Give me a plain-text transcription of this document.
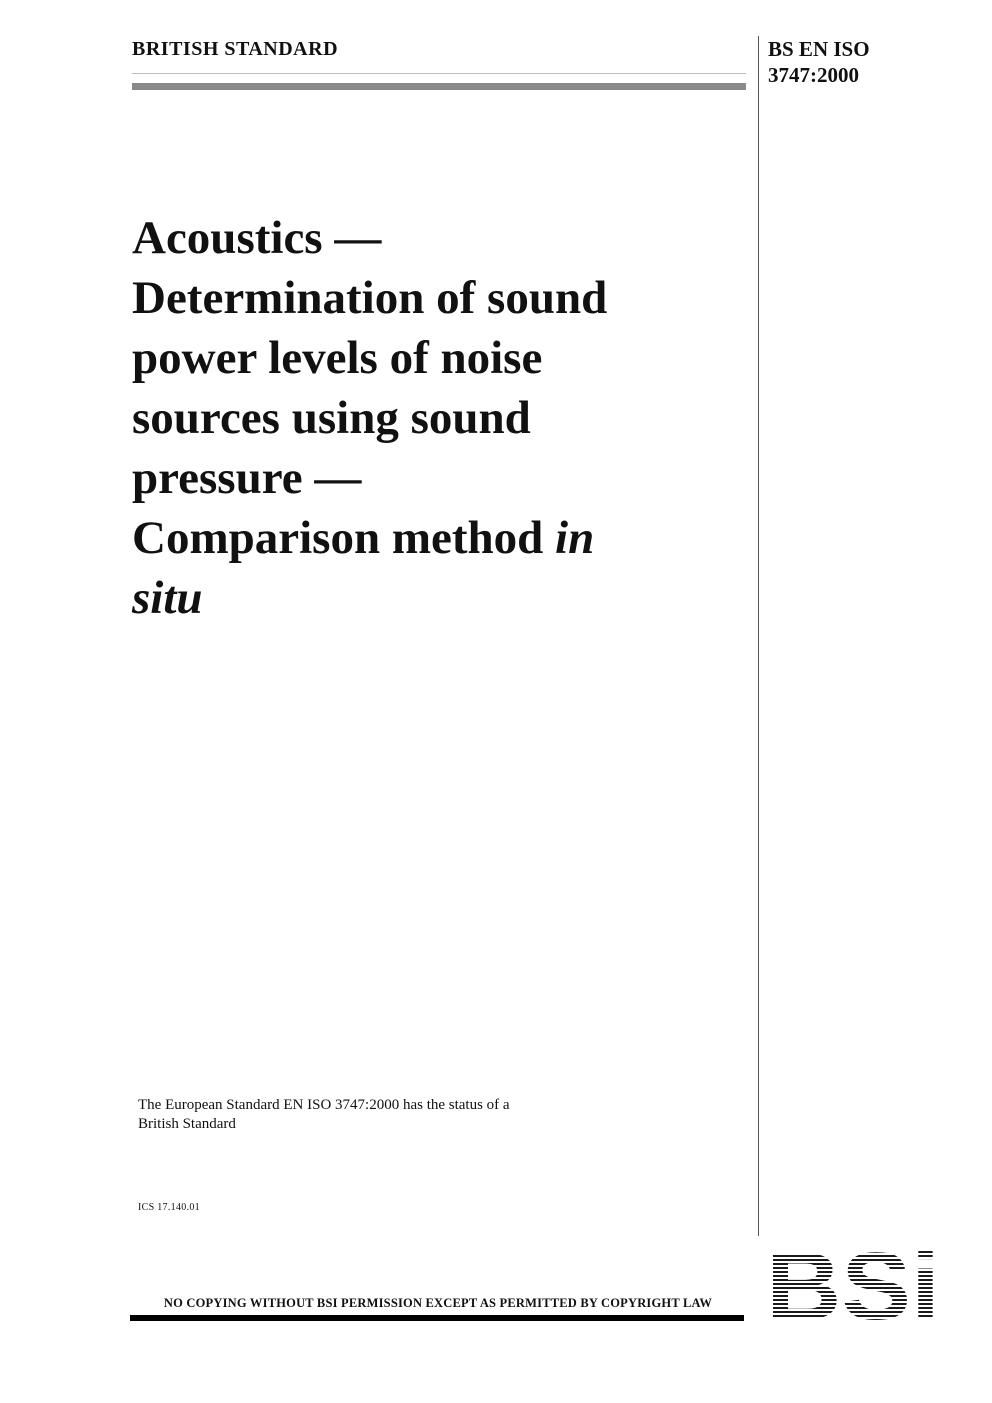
BRITISH STANDARD	BS EN ISO
3747:2000
Acoustics —
Determination of sound
power levels of noise
sources using sound
pressure —
Comparison method in
situ
The European Standard EN ISO 3747:2000 has the status of a
British Standard
ICS 17.140.01
NO COPYING WITHOUT BSI PERMISSION EXCEPT AS PERMITTED BY COPYRIGHT LAW BSi
